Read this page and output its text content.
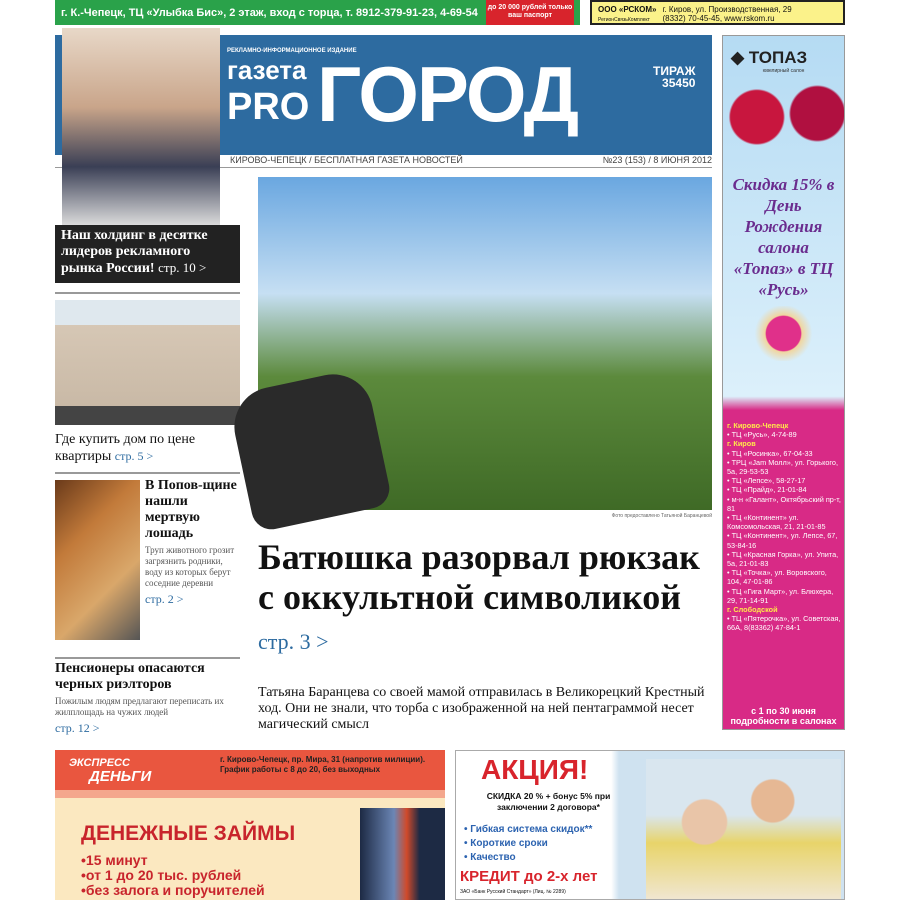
г. К.-Чепецк, ТЦ «Улыбка Бис», 2 этаж, вход с торца, т. 8912-379-91-23, 4-69-54 до 20 000 рублей только ваш паспорт
ООО «РСКОМ»
РегионСвязьКомплект
г. Киров, ул. Производственная, 29
(8332) 70-45-45, www.rskom.ru
РЕКЛАМНО-ИНФОРМАЦИОННОЕ ИЗДАНИЕ
газета
PRO ГОРОД	ТИРАЖ
35450
КИРОВО-ЧЕПЕЦК / БЕСПЛАТНАЯ ГАЗЕТА НОВОСТЕЙ	№23 (153) / 8 ИЮНЯ 2012
Наш холдинг в десятке лидеров рекламного рынка России! стр. 10 >
Где купить дом по цене квартиры стр. 5 >
В Попов-щине нашли мертвую лошадь
Труп животного грозит загрязнить родники, воду из которых берут соседние деревни
стр. 2 >
Пенсионеры опасаются черных риэлторов
Пожилым людям предлагают переписать их жилплощадь на чужих людей
стр. 12 >
Фото предоставлено Татьяной Баранцевой
Батюшка разорвал рюкзак с оккультной символикой стр. 3 >
Татьяна Баранцева со своей мамой отправилась в Великорецкий Крестный ход. Они не знали, что торба с изображенной на ней пентаграммой несет магический смысл
◆ ТОПАЗ
ювелирный салон
Скидка 15% в День Рождения салона «Топаз» в ТЦ «Русь»
г. Кирово-Чепецк
• ТЦ «Русь», 4-74-89
г. Киров
• ТЦ «Росинка», 67-04-33
• ТРЦ «Jam Молл», ул. Горького, 5а, 29-53-53
• ТЦ «Лепсе», 58-27-17
• ТЦ «Прайд», 21-01-84
• м-н «Галант», Октябрьский пр-т, 81
• ТЦ «Континент» ул. Комсомольская, 21, 21-01-85
• ТЦ «Континент», ул. Лепсе, 67, 53-84-16
• ТЦ «Красная Горка», ул. Упита, 5а, 21-01-83
• ТЦ «Точка», ул. Воровского, 104, 47-01-86
• ТЦ «Гига Март», ул. Блюхера, 29, 71-14-91
г. Слободской
• ТЦ «Пятерочка», ул. Советская, 66А, 8(83362) 47-84-1
с 1 по 30 июня подробности в салонах
ЭКСПРЕСС
ДЕНЬГИ
г. Кирово-Чепецк, пр. Мира, 31 (напротив милиции). График работы с 8 до 20, без выходных
ДЕНЕЖНЫЕ ЗАЙМЫ
•15 минут
•от 1 до 20 тыс. рублей
•без залога и поручителей
АКЦИЯ!
СКИДКА 20 % + бонус 5% при заключении 2 договора*
• Гибкая система скидок**
• Короткие сроки
• Качество
КРЕДИТ до 2-х лет
ЗАО «Банк Русский Стандарт» (Лиц. № 2289)
